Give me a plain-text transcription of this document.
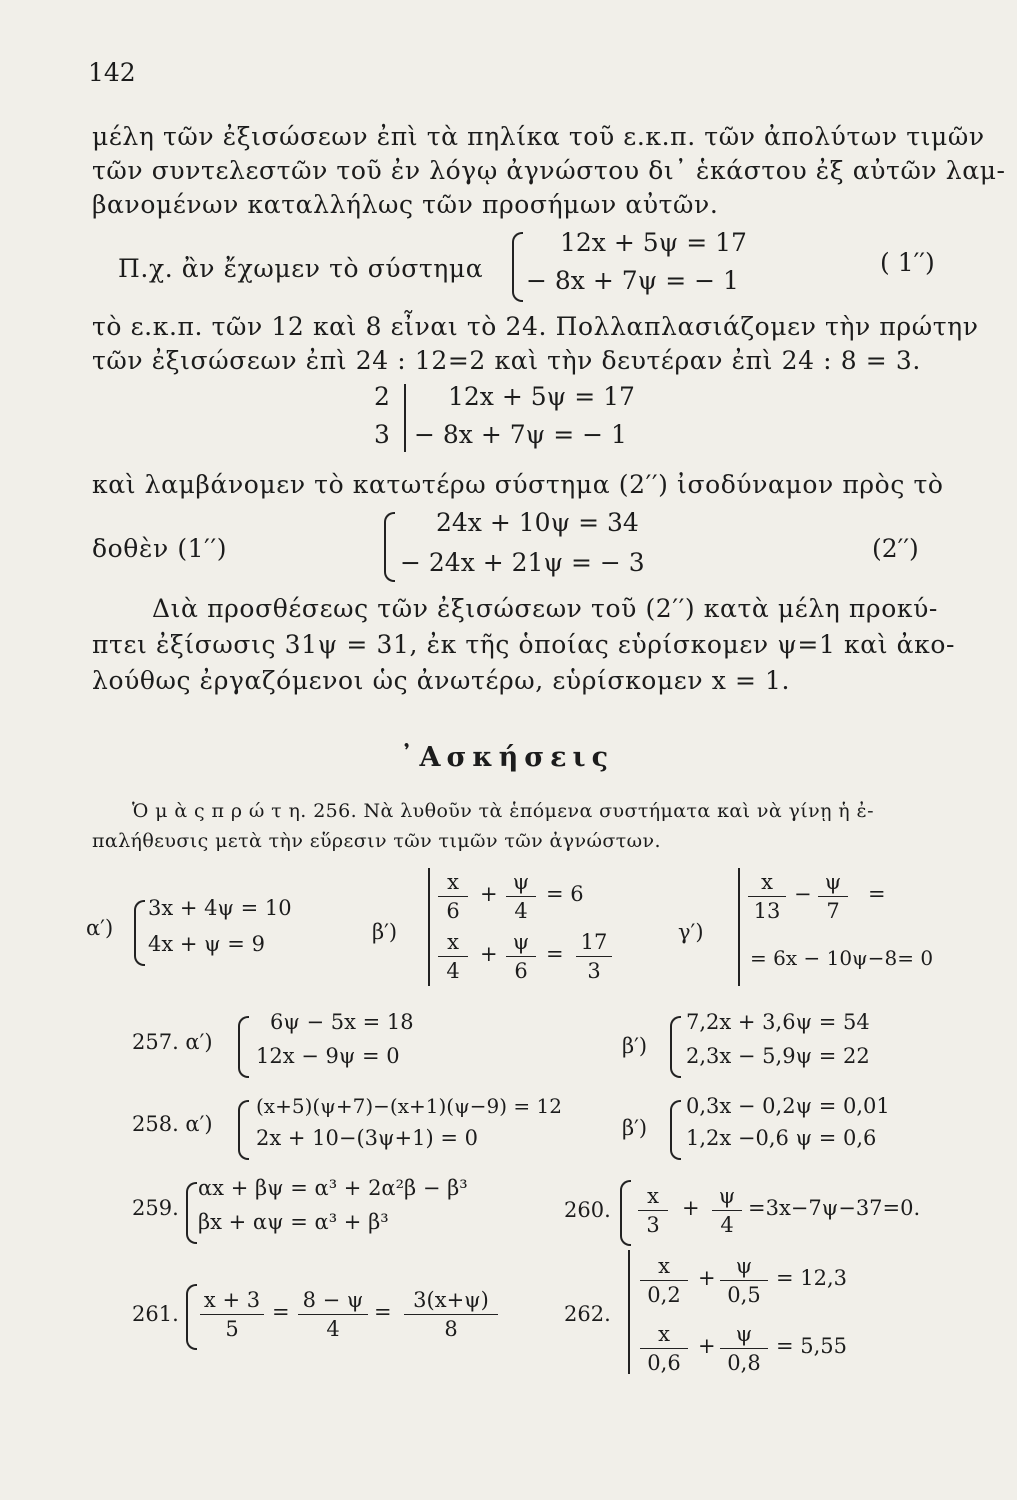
142
μέλη τῶν ἐξισώσεων ἐπὶ τὰ πηλίκα τοῦ ε.κ.π. τῶν ἀπολύτων τιμῶν
τῶν συντελεστῶν τοῦ ἐν λόγῳ ἀγνώστου δι᾽ ἑκάστου ἐξ αὐτῶν λαμ-
βανομένων καταλλήλως τῶν προσήμων αὐτῶν.
Π.χ. ἂν ἔχωμεν τὸ σύστημα
12x + 5ψ = 17
− 8x + 7ψ = − 1
( 1′′)
τὸ ε.κ.π. τῶν 12 καὶ 8 εἶναι τὸ 24. Πολλαπλασιάζομεν τὴν πρώτην
τῶν ἐξισώσεων ἐπὶ 24 : 12=2 καὶ τὴν δευτέραν ἐπὶ 24 : 8 = 3.
2
3
12x + 5ψ = 17
− 8x + 7ψ = − 1
καὶ λαμβάνομεν τὸ κατωτέρω σύστημα (2′′) ἰσοδύναμον πρὸς τὸ
δοθὲν (1′′)
24x + 10ψ = 34
− 24x + 21ψ = − 3	(2′′)
Διὰ προσθέσεως τῶν ἐξισώσεων τοῦ (2′′) κατὰ μέλη προκύ-
πτει ἐξίσωσις 31ψ = 31, ἐκ τῆς ὁποίας εὑρίσκομεν ψ=1 καὶ ἀκο-
λούθως ἐργαζόμενοι ὡς ἀνωτέρω, εὑρίσκομεν x = 1.
᾽Ασκήσεις
Ὁ μ ὰ ς π ρ ώ τ η. 256. Νὰ λυθοῦν τὰ ἑπόμενα συστήματα καὶ νὰ γίνῃ ἡ ἐ-
παλήθευσις μετὰ τὴν εὕρεσιν τῶν τιμῶν τῶν ἀγνώστων.
α′)
3x + 4ψ = 10
4x + ψ = 9	β′)
$\frac{x}{6} + \frac{\psi}{4} = 6$
$\frac{x}{4} + \frac{\psi}{6} = \frac{17}{3}$	γ′)
$\frac{x}{13} - \frac{\psi}{7}$ =
= 6x − 10ψ−8= 0
257. α′)
6ψ − 5x = 18
12x − 9ψ = 0	β′)
7,2x + 3,6ψ = 54
2,3x − 5,9ψ = 22
258. α′)
(x+5)(ψ+7)−(x+1)(ψ−9) = 12
2x + 10−(3ψ+1) = 0	β′)
0,3x − 0,2ψ = 0,01
1,2x −0,6 ψ = 0,6
259.
αx + βψ = α³ + 2α²β − β³
βx + αψ = α³ + β³	260. $\frac{x}{3} + \frac{\psi}{4} =3x-7\psi-37=0$.
261. $\frac{x + 3}{5} = \frac{8 - \psi}{4} = \frac{3(x+\psi)}{8}$	262.
$\frac{x}{0,2} + \frac{\psi}{0,5} = 12,3$
$\frac{x}{0,6} + \frac{\psi}{0,8} = 5,55$
